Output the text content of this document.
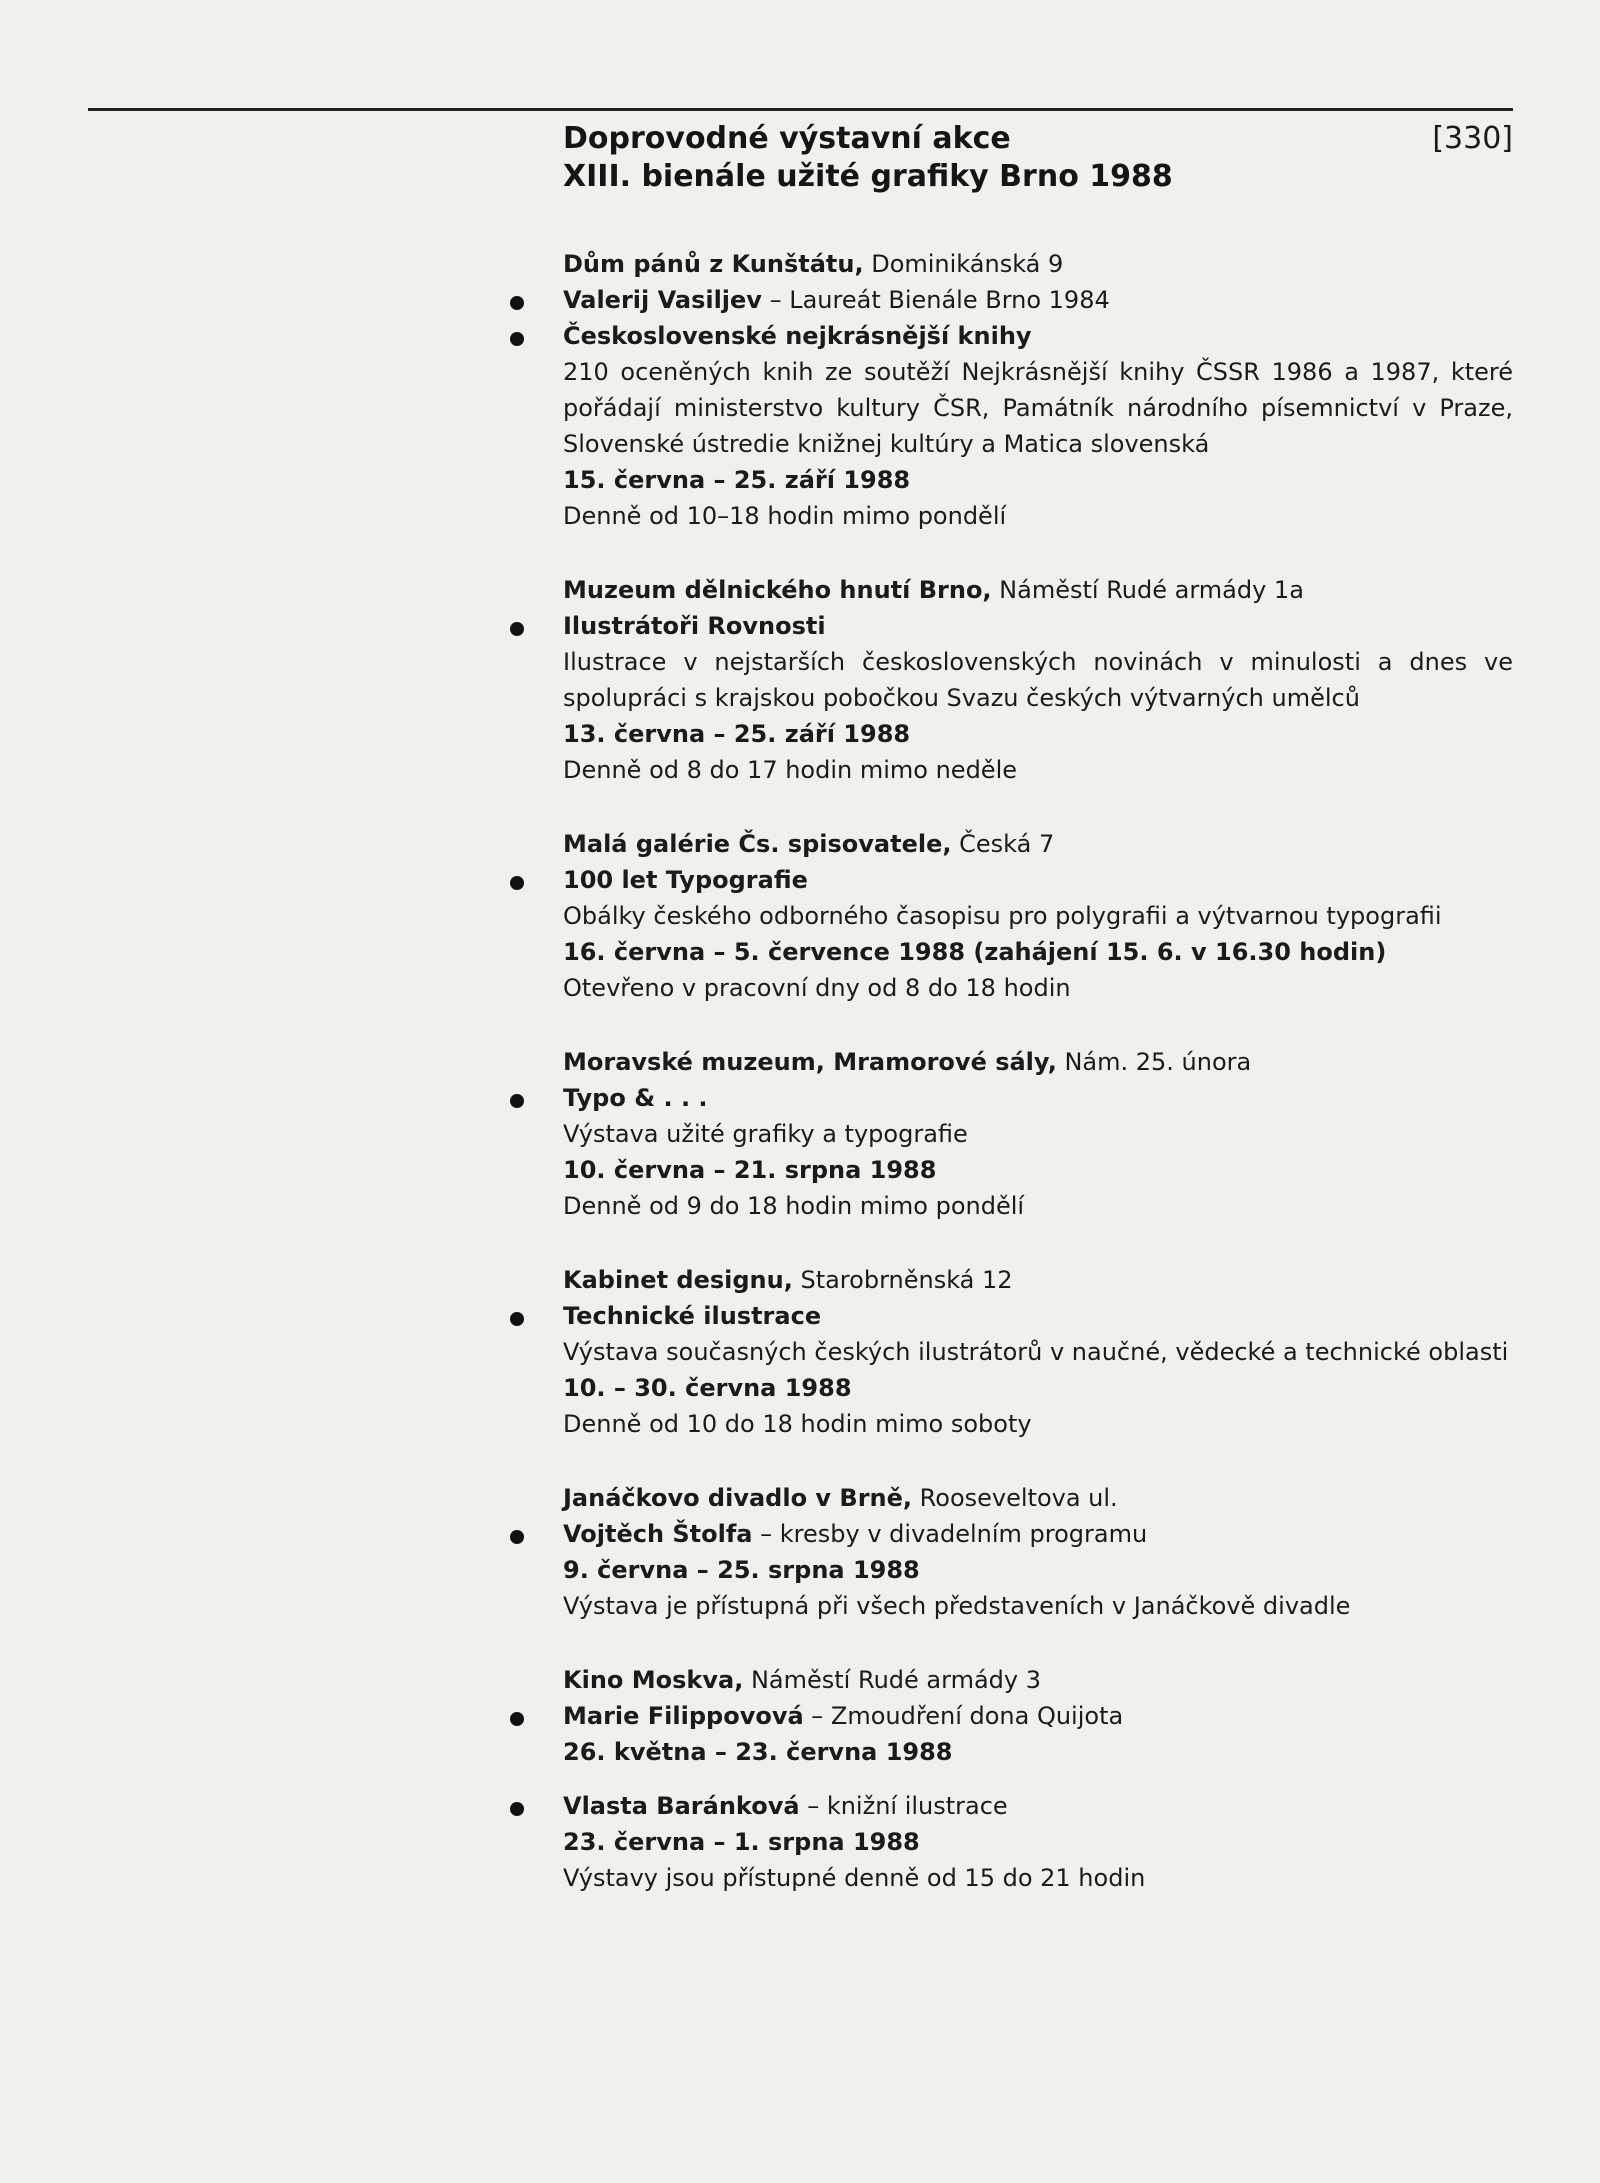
Doprovodné výstavní akce
XIII. bienále užité grafiky Brno 1988
[330]
Dům pánů z Kunštátu, Dominikánská 9
Valerij Vasiljev – Laureát Bienále Brno 1984
Československé nejkrásnější knihy
210 oceněných knih ze soutěží Nejkrásnější knihy ČSSR 1986 a 1987, které pořádají ministerstvo kultury ČSR, Památník národního písemnictví v Praze, Slovenské ústredie knižnej kultúry a Matica slovenská
15. června – 25. září 1988
Denně od 10–18 hodin mimo pondělí
Muzeum dělnického hnutí Brno, Náměstí Rudé armády 1a
Ilustrátoři Rovnosti
Ilustrace v nejstarších československých novinách v minulosti a dnes ve spolupráci s krajskou pobočkou Svazu českých výtvarných umělců
13. června – 25. září 1988
Denně od 8 do 17 hodin mimo neděle
Malá galérie Čs. spisovatele, Česká 7
100 let Typografie
Obálky českého odborného časopisu pro polygrafii a výtvarnou typografii
16. června – 5. července 1988 (zahájení 15. 6. v 16.30 hodin)
Otevřeno v pracovní dny od 8 do 18 hodin
Moravské muzeum, Mramorové sály, Nám. 25. února
Typo & . . .
Výstava užité grafiky a typografie
10. června – 21. srpna 1988
Denně od 9 do 18 hodin mimo pondělí
Kabinet designu, Starobrněnská 12
Technické ilustrace
Výstava současných českých ilustrátorů v naučné, vědecké a technické oblasti
10. – 30. června 1988
Denně od 10 do 18 hodin mimo soboty
Janáčkovo divadlo v Brně, Rooseveltova ul.
Vojtěch Štolfa – kresby v divadelním programu
9. června – 25. srpna 1988
Výstava je přístupná při všech představeních v Janáčkově divadle
Kino Moskva, Náměstí Rudé armády 3
Marie Filippovová – Zmoudření dona Quijota
26. května – 23. června 1988
Vlasta Baránková – knižní ilustrace
23. června – 1. srpna 1988
Výstavy jsou přístupné denně od 15 do 21 hodin
